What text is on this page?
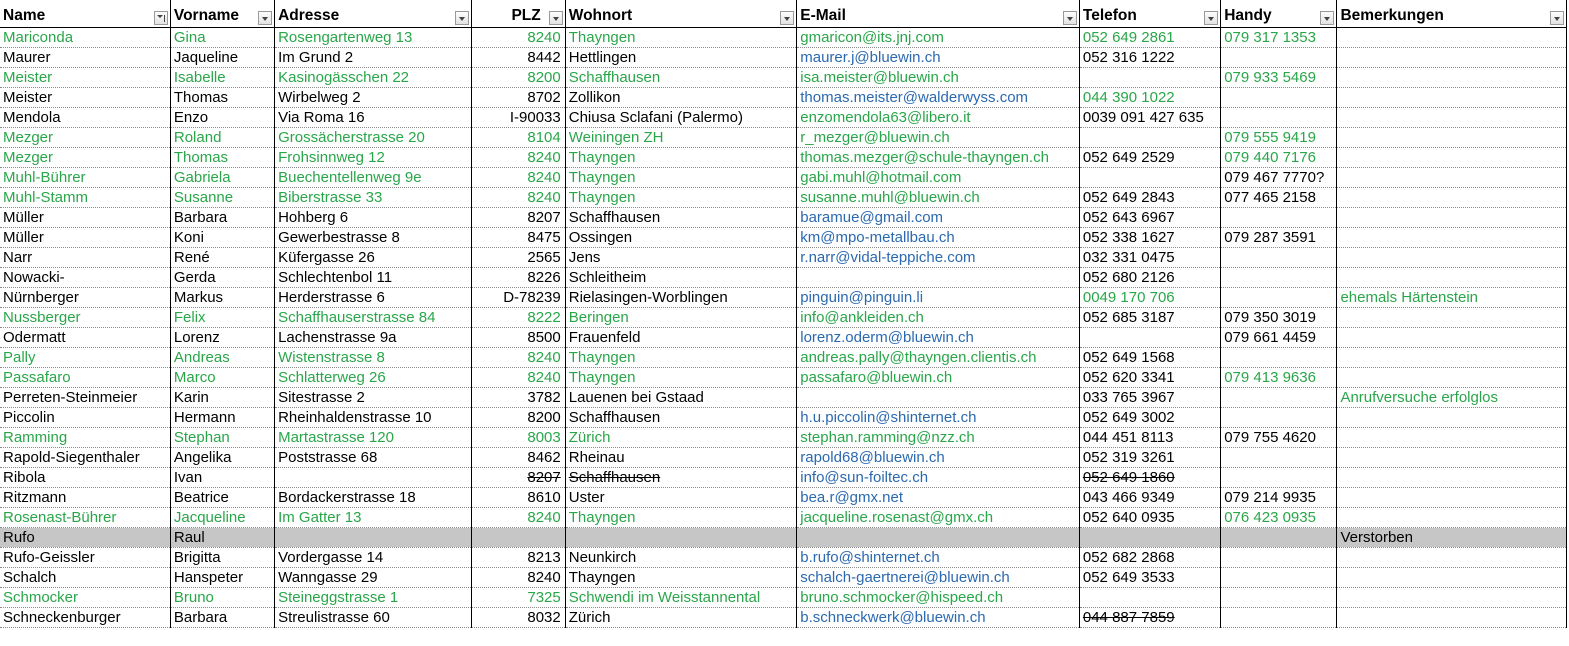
Name	Vorname	Adresse	PLZ	Wohnort	E-Mail	Telefon	Handy	Bemerkungen

Mariconda	Gina	Rosengartenweg 13	8240	Thayngen	gmaricon@its.jnj.com	052 649 2861	079 317 1353	
Maurer	Jaqueline	Im Grund 2	8442	Hettlingen	maurer.j@bluewin.ch	052 316 1222		
Meister	Isabelle	Kasinogässchen 22	8200	Schaffhausen	isa.meister@bluewin.ch		079 933 5469	
Meister	Thomas	Wirbelweg 2	8702	Zollikon	thomas.meister@walderwyss.com	044 390 1022		
Mendola	Enzo	Via Roma 16	I-90033	Chiusa Sclafani (Palermo)	enzomendola63@libero.it	0039 091 427 635		
Mezger	Roland	Grossächerstrasse 20	8104	Weiningen ZH	r_mezger@bluewin.ch		079 555 9419	
Mezger	Thomas	Frohsinnweg 12	8240	Thayngen	thomas.mezger@schule-thayngen.ch	052 649 2529	079 440 7176	
Muhl-Bührer	Gabriela	Buechentellenweg 9e	8240	Thayngen	gabi.muhl@hotmail.com		079 467 7770?	
Muhl-Stamm	Susanne	Biberstrasse 33	8240	Thayngen	susanne.muhl@bluewin.ch	052 649 2843	077 465 2158	
Müller	Barbara	Hohberg 6	8207	Schaffhausen	baramue@gmail.com	052 643 6967		
Müller	Koni	Gewerbestrasse 8	8475	Ossingen	km@mpo-metallbau.ch	052 338 1627	079 287 3591	
Narr	René	Küfergasse 26	2565	Jens	r.narr@vidal-teppiche.com	032 331 0475		
Nowacki-	Gerda	Schlechtenbol 11	8226	Schleitheim		052 680 2126		
Nürnberger	Markus	Herderstrasse 6	D-78239	Rielasingen-Worblingen	pinguin@pinguin.li	0049 170 706		ehemals Härtenstein
Nussberger	Felix	Schaffhauserstrasse 84	8222	Beringen	info@ankleiden.ch	052 685 3187	079 350 3019	
Odermatt	Lorenz	Lachenstrasse 9a	8500	Frauenfeld	lorenz.oderm@bluewin.ch		079 661 4459	
Pally	Andreas	Wistenstrasse 8	8240	Thayngen	andreas.pally@thayngen.clientis.ch	052 649 1568		
Passafaro	Marco	Schlatterweg 26	8240	Thayngen	passafaro@bluewin.ch	052 620 3341	079 413 9636	
Perreten-Steinmeier	Karin	Sitestrasse 2	3782	Lauenen bei Gstaad		033 765 3967		Anrufversuche erfolglos
Piccolin	Hermann	Rheinhaldenstrasse 10	8200	Schaffhausen	h.u.piccolin@shinternet.ch	052 649 3002		
Ramming	Stephan	Martastrasse 120	8003	Zürich	stephan.ramming@nzz.ch	044 451 8113	079 755 4620	
Rapold-Siegenthaler	Angelika	Poststrasse 68	8462	Rheinau	rapold68@bluewin.ch	052 319 3261		
Ribola	Ivan		8207	Schaffhausen	info@sun-foiltec.ch	052 649 1860		
Ritzmann	Beatrice	Bordackerstrasse 18	8610	Uster	bea.r@gmx.net	043 466 9349	079 214 9935	
Rosenast-Bührer	Jacqueline	Im Gatter 13	8240	Thayngen	jacqueline.rosenast@gmx.ch	052 640 0935	076 423 0935	
Rufo	Raul							Verstorben
Rufo-Geissler	Brigitta	Vordergasse 14	8213	Neunkirch	b.rufo@shinternet.ch	052 682 2868		
Schalch	Hanspeter	Wanngasse 29	8240	Thayngen	schalch-gaertnerei@bluewin.ch	052 649 3533		
Schmocker	Bruno	Steineggstrasse 1	7325	Schwendi im Weisstannental	bruno.schmocker@hispeed.ch			
Schneckenburger	Barbara	Streulistrasse 60	8032	Zürich	b.schneckwerk@bluewin.ch	044 887 7859		
